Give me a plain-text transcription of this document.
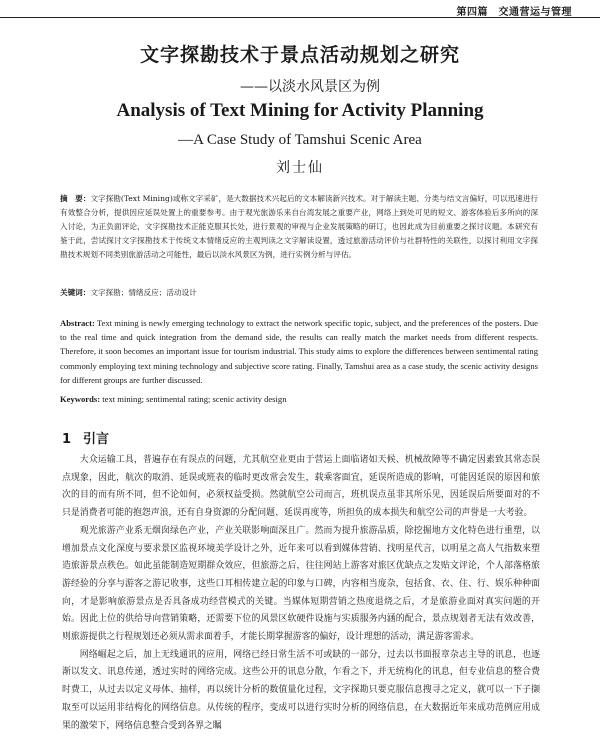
第四篇　交通营运与管理
文字探勘技术于景点活动规划之研究
——以淡水风景区为例
Analysis of Text Mining for Activity Planning
—A Case Study of Tamshui Scenic Area
刘士仙
摘　要：文字探勘(Text Mining)或称文字采矿，是大数据技术兴起后的文本解读新兴技术。对于解读主题、分类与结文言偏好，可以迅速进行有效整合分析，提供因应延误处置上的重要参考。由于观光旅游乐来自台湾发展之重要产业，网络上到处可见的短文、游客体验后多所向的深入讨论，为正负面评论，文字探勘技术正能克服其长处，进行景观的审视与企业发展策略的研订，也因此成为目前重要之探讨议题。本研究有鉴于此，尝试探讨文字探勘技术于传统文本情绪反应的主观判读之文字解读设置，透过旅游活动评价与社群特性的关联性，以探讨利用文字探勘技术规划不同类别旅游活动之可能性，最后以淡水风景区为例，进行实例分析与评估。
关键词：文字探勘；情绪反应；活动设计
Abstract: Text mining is newly emerging technology to extract the network specific topic, subject, and the preferences of the posters. Due to the real time and quick integration from the demand side, the results can really match the market needs from different respects. Therefore, it soon becomes an important issue for tourism industrial. This study aims to explore the differences between sentimental rating commonly employing text mining technology and subjective score rating. Finally, Tamshui area as a case study, the scenic activity designs for different groups are further discussed.
Keywords: text mining; sentimental rating; scenic activity design
1 引言

大众运输工具，普遍存在有误点的问题，尤其航空业更由于营运上面临诸如天候、机械故障等不确定因素致其常态误点现象，因此，航次的取消、延误或班表的临时更改常会发生，载乘客面宜，延误所造成的影响，可能因延误的原因和旅次的目的而有所不同，但不论如何，必须权益受损。然就航空公司而言，班机误点虽非其所乐见，因延误后所要面对的不只是消费者可能的抱怨声浪，还有自身资源的分配问题、延误再度等，所担负的成本损失和航空公司的声誉是一大考验。

观光旅游产业系无烟囱绿色产业，产业关联影响面深且广。然而为提升旅游品质，除挖掘地方文化特色进行重塑，以增加景点文化深度与要求景区监视环境美学设计之外，近年来可以看到媒体营销、找明星代言，以明星之高人气指数来塑造旅游景点秩色。如此虽能制造短期群众效应，但旅游之后，往往网站上游客对旅区优缺点之发贴文评论，个人部落格旅游经验的分享与游客之游记收事，这些口耳相传建立起的印象与口碑，内容相当庞杂，包括食、衣、住、行、娱乐种种面向，才是影响旅游景点是否具备成功经营模式的关键。当媒体短期营销之热度退烧之后，才是旅游业面对真实问题的开始。因此上位的供给导向营销策略，还需要下位的风景区软硬件设施与实质服务内涵的配合，景点规划者无法有效改善，则旅游提供之行程规划还必须从需求面着手，才能长期掌握游客的偏好，设计理想的活动，满足游客需求。

网络崛起之后，加上无线通讯的应用，网络已经日常生活不可或缺的一部分，过去以书面报章杂志主导的讯息，也逐渐以发文、讯息传递，透过实时的网络完成。这些公开的讯息分散，乍看之下，并无统构化的讯息，但专业信息的整合费时费工，从过去以定义母体、抽样，再以统计分析的数值量化过程，文字探勘只要克服信息搜寻之定义，就可以一下子撷取至可以运用非结构化的网络信息。从传统的程序，变成可以进行实时分析的网络信息，在大数据近年来成功范例应用成果的激荣下，网络信息整合受到各界之瞩
